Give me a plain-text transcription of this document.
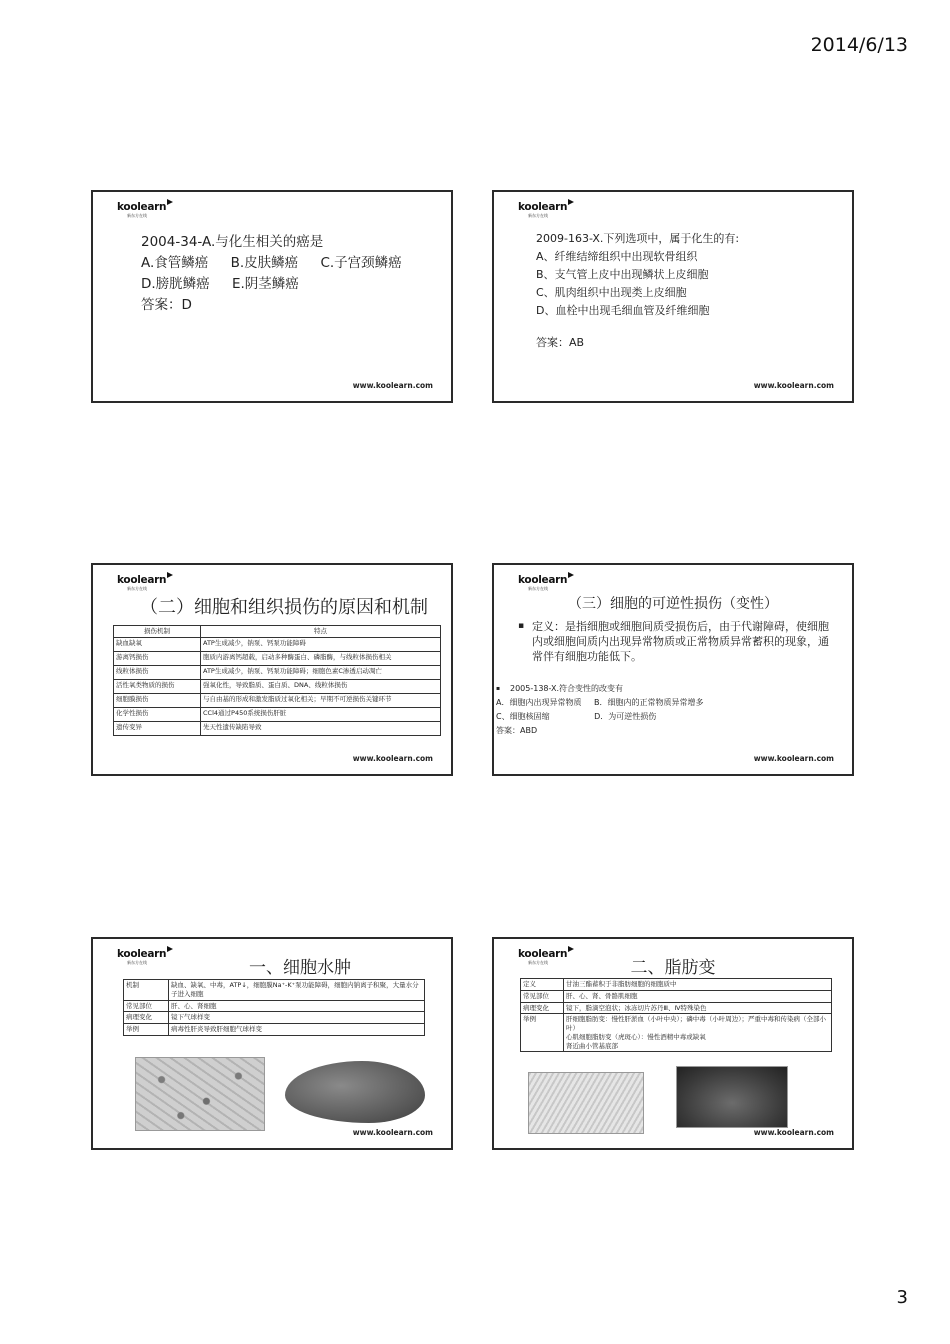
2014/6/13
koolearn
新东方在线
2004-34-A.与化生相关的癌是
A.食管鳞癌 B.皮肤鳞癌 C.子宫颈鳞癌
D.膀胱鳞癌 E.阴茎鳞癌
答案：D
www.koolearn.com
koolearn
新东方在线
2009-163-X.下列选项中，属于化生的有:
A、纤维结缔组织中出现软骨组织
B、支气管上皮中出现鳞状上皮细胞
C、肌肉组织中出现类上皮细胞
D、血栓中出现毛细血管及纤维细胞
答案：AB
www.koolearn.com
koolearn
新东方在线
（二）细胞和组织损伤的原因和机制
损伤机制	特点
缺血缺氧	ATP生成减少，钠泵、钙泵功能障碍
游离钙损伤	胞质内游离钙超载，启动多种酶蛋白、磷脂酶，与线粒体损伤相关
线粒体损伤	ATP生成减少，钠泵、钙泵功能障碍；细胞色素C渗透启动凋亡
活性氧类物质的损伤	强氧化性，导致脂质、蛋白质、DNA、线粒体损伤
细胞膜损伤	与自由基的形成和激发脂质过氧化相关；早期不可逆损伤关键环节
化学性损伤	CCl4通过P450系统损伤肝脏
遗传变异	先天性遗传缺陷导致
www.koolearn.com
koolearn
新东方在线
（三）细胞的可逆性损伤（变性）
▪ 定义：是指细胞或细胞间质受损伤后，由于代谢障碍，使细胞内或细胞间质内出现异常物质或正常物质异常蓄积的现象，通常伴有细胞功能低下。
▪ 2005-138-X.符合变性的改变有
A．细胞内出现异常物质 B．细胞内的正常物质异常增多
C、细胞核固缩	D．为可逆性损伤
答案：ABD
www.koolearn.com
koolearn
新东方在线	一、细胞水肿
机制	缺血、缺氧、中毒，ATP↓，细胞膜Na⁺-K⁺泵功能障碍，细胞内钠离子积聚，大量水分子进入细胞
常见部位	肝、心、肾细胞
病理变化	镜下气球样变
举例	病毒性肝炎导致肝细胞气球样变
www.koolearn.com
koolearn
新东方在线	二、脂肪变
定义	甘油三酯蓄积于非脂肪细胞的细胞质中
常见部位	肝、心、肾、骨骼肌细胞
病理变化	镜下，脂滴空泡状；冰冻切片苏丹Ⅲ、Ⅳ特殊染色
举例	肝细胞脂肪变：慢性肝淤血（小叶中央）；磷中毒（小叶周边）；严重中毒和传染病（全部小叶）
心肌细胞脂肪变（虎斑心）：慢性酒精中毒或缺氧
肾近曲小管基底部
www.koolearn.com
3
